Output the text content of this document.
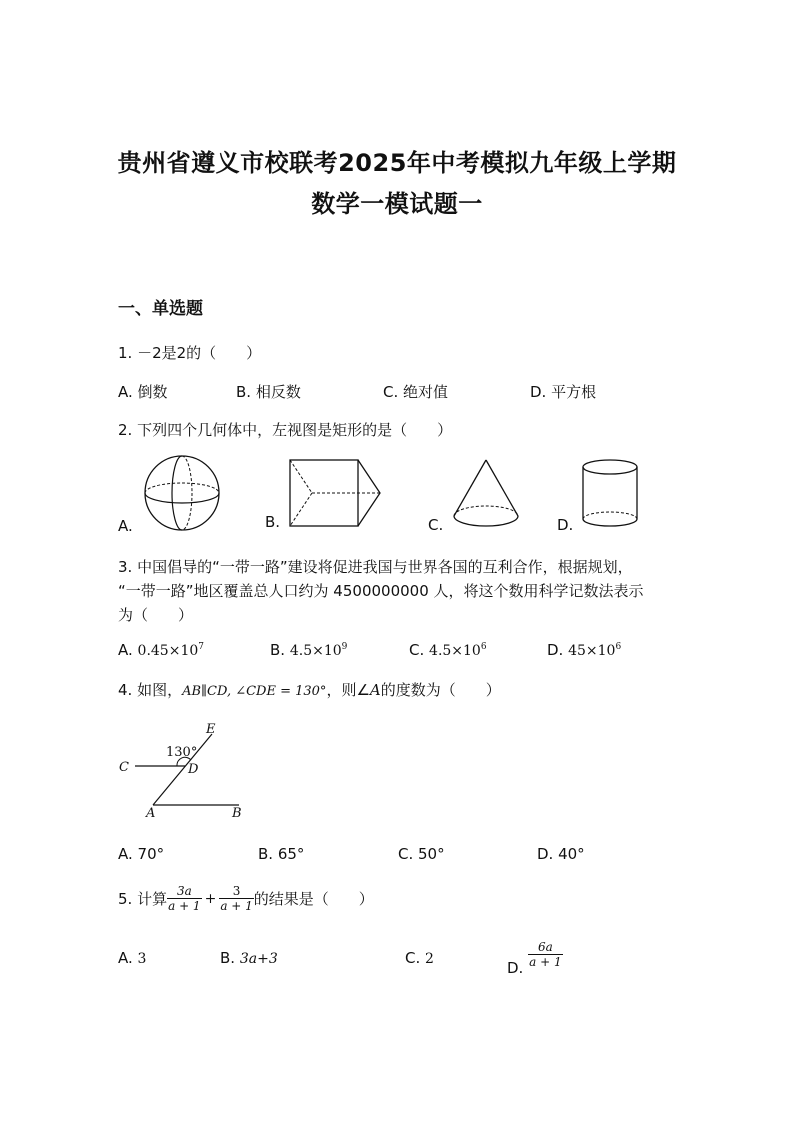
贵州省遵义市校联考2025年中考模拟九年级上学期
数学一模试题一
一、单选题
1. －2是2的（　　）
A. 倒数	B. 相反数	C. 绝对值	D. 平方根
2. 下列四个几何体中，左视图是矩形的是（　　）
A.	B.	C.	D.
3. 中国倡导的“一带一路”建设将促进我国与世界各国的互利合作，根据规划，
“一带一路”地区覆盖总人口约为 4500000000 人，将这个数用科学记数法表示
为（　　）
A. $0.45\times 10^7$	B. $4.5\times 10^9$	C. $4.5\times 10^6$	D. $45\times 10^6$
4. 如图，AB∥CD, ∠CDE = 130°，则∠A的度数为（　　）
130°
C	D
E
A	B
A. 70°	B. 65°	C. 50°	D. 40°
5. 计算 $\frac{3a}{a + 1} + \frac{3}{a + 1}$ 的结果是（　　）
A. 3	B. 3a+3	C. 2	D. $\frac{6a}{a + 1}$
